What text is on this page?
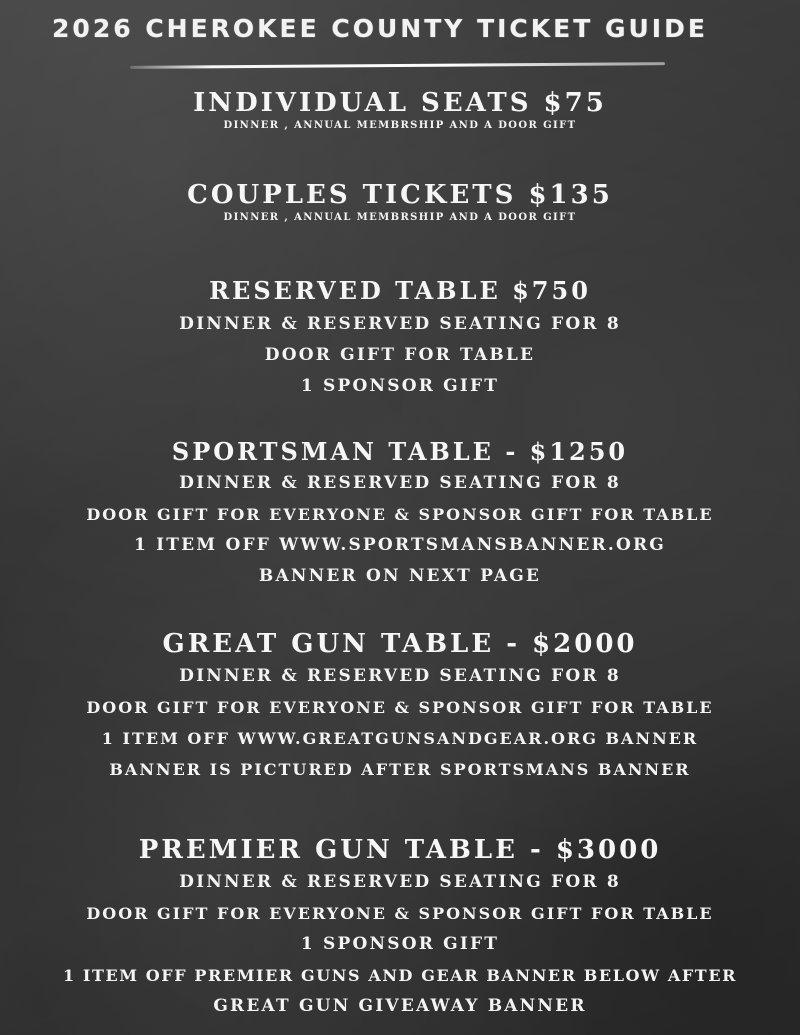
2026 CHEROKEE COUNTY TICKET GUIDE
INDIVIDUAL SEATS $75
DINNER , ANNUAL MEMBRSHIP AND A DOOR GIFT
COUPLES TICKETS $135
DINNER , ANNUAL MEMBRSHIP AND A DOOR GIFT
RESERVED TABLE $750
DINNER & RESERVED SEATING FOR 8
DOOR GIFT FOR TABLE
1 SPONSOR GIFT
SPORTSMAN TABLE - $1250
DINNER & RESERVED SEATING FOR 8
DOOR GIFT FOR EVERYONE & SPONSOR GIFT FOR TABLE
1 ITEM OFF WWW.SPORTSMANSBANNER.ORG
BANNER ON NEXT PAGE
GREAT GUN TABLE - $2000
DINNER & RESERVED SEATING FOR 8
DOOR GIFT FOR EVERYONE & SPONSOR GIFT FOR TABLE
1 ITEM OFF WWW.GREATGUNSANDGEAR.ORG BANNER
BANNER IS PICTURED AFTER SPORTSMANS BANNER
PREMIER GUN TABLE - $3000
DINNER & RESERVED SEATING FOR 8
DOOR GIFT FOR EVERYONE & SPONSOR GIFT FOR TABLE
1 SPONSOR GIFT
1 ITEM OFF PREMIER GUNS AND GEAR BANNER BELOW AFTER
GREAT GUN GIVEAWAY BANNER
